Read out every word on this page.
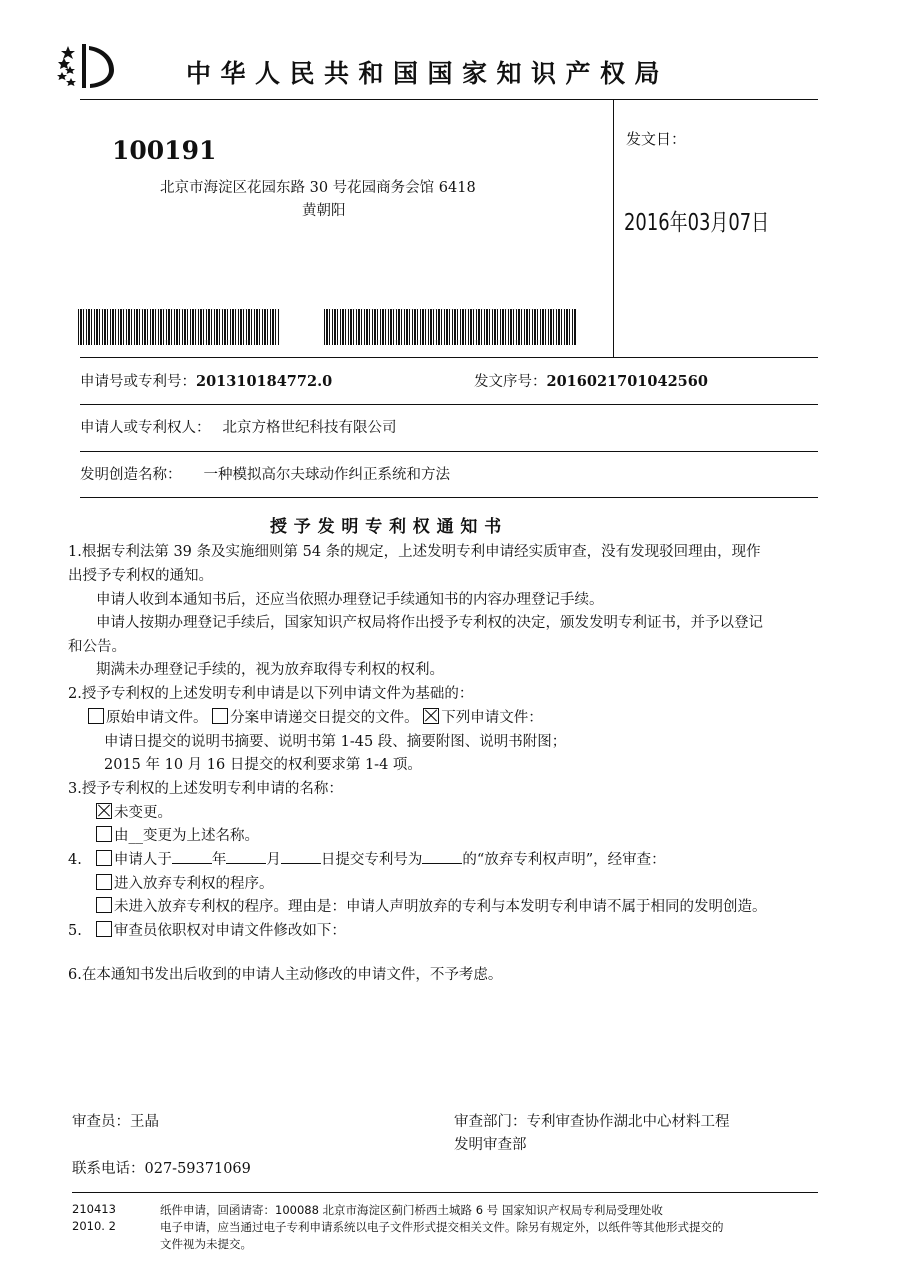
中华人民共和国国家知识产权局
100191
北京市海淀区花园东路 30 号花园商务会馆 6418
黄朝阳
发文日：
2016年03月07日
申请号或专利号：201310184772.0	发文序号：2016021701042560
申请人或专利权人： 北京方格世纪科技有限公司
发明创造名称： 一种模拟高尔夫球动作纠正系统和方法
授予发明专利权通知书
1.根据专利法第 39 条及实施细则第 54 条的规定，上述发明专利申请经实质审查，没有发现驳回理由，现作
出授予专利权的通知。
申请人收到本通知书后，还应当依照办理登记手续通知书的内容办理登记手续。
申请人按期办理登记手续后，国家知识产权局将作出授予专利权的决定，颁发发明专利证书，并予以登记
和公告。
期满未办理登记手续的，视为放弃取得专利权的权利。
2.授予专利权的上述发明专利申请是以下列申请文件为基础的：
原始申请文件。 分案申请递交日提交的文件。 下列申请文件：
申请日提交的说明书摘要、说明书第 1-45 段、摘要附图、说明书附图；
2015 年 10 月 16 日提交的权利要求第 1-4 项。
3.授予专利权的上述发明专利申请的名称：
未变更。
由__变更为上述名称。
4. 申请人于	年	月	日提交专利号为	的“放弃专利权声明”，经审查：
进入放弃专利权的程序。
未进入放弃专利权的程序。理由是：申请人声明放弃的专利与本发明专利申请不属于相同的发明创造。
5. 审查员依职权对申请文件修改如下：
6.在本通知书发出后收到的申请人主动修改的申请文件，不予考虑。
审查员：王晶	审查部门：专利审查协作湖北中心材料工程
发明审查部
联系电话：027-59371069
210413
2010. 2
纸件申请，回函请寄：100088 北京市海淀区蓟门桥西土城路 6 号 国家知识产权局专利局受理处收
电子申请，应当通过电子专利申请系统以电子文件形式提交相关文件。除另有规定外，以纸件等其他形式提交的
文件视为未提交。
